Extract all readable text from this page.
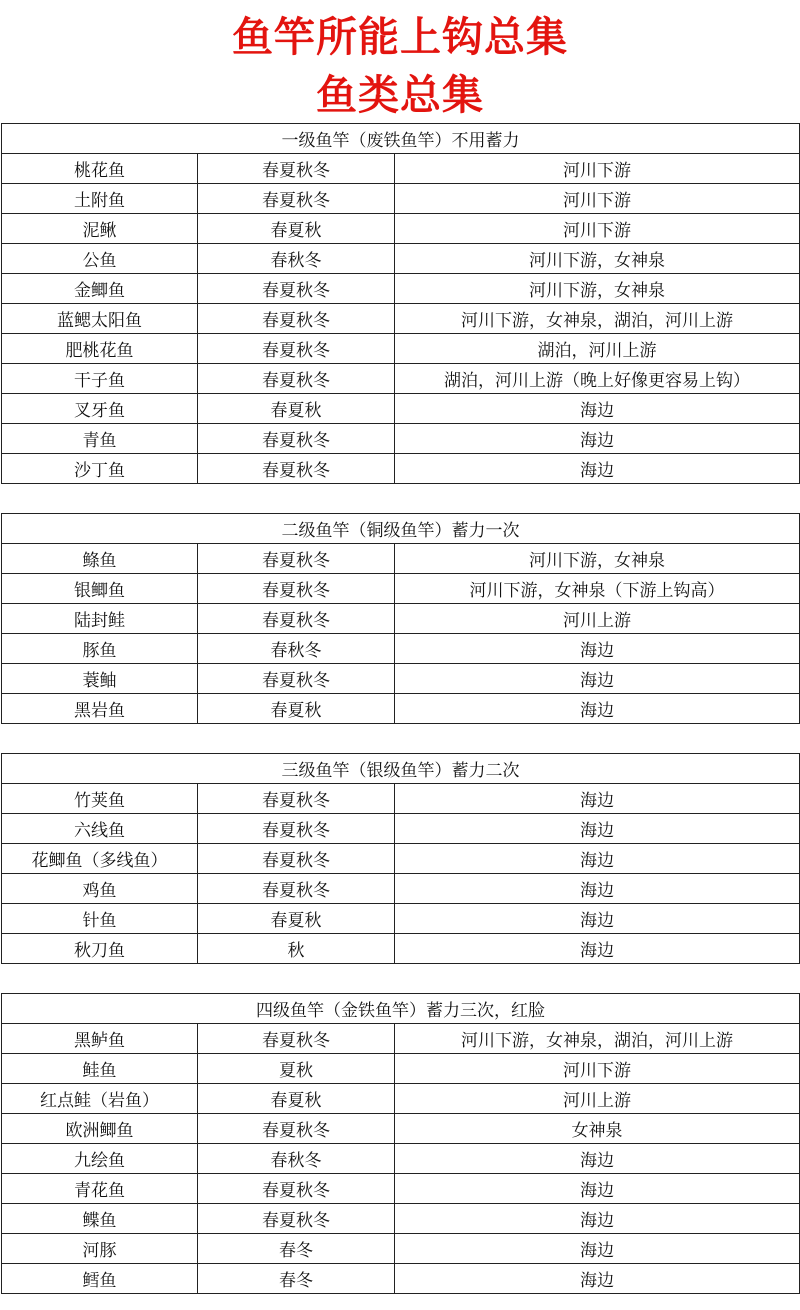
鱼竿所能上钩总集
鱼类总集
一级鱼竿（废铁鱼竿）不用蓄力		
桃花鱼	春夏秋冬	河川下游
土附鱼	春夏秋冬	河川下游
泥鳅	春夏秋	河川下游
公鱼	春秋冬	河川下游，女神泉
金鲫鱼	春夏秋冬	河川下游，女神泉
蓝鳃太阳鱼	春夏秋冬	河川下游，女神泉，湖泊，河川上游
肥桃花鱼	春夏秋冬	湖泊，河川上游
干子鱼	春夏秋冬	湖泊，河川上游（晚上好像更容易上钩）
叉牙鱼	春夏秋	海边
青鱼	春夏秋冬	海边
沙丁鱼	春夏秋冬	海边
二级鱼竿（铜级鱼竿）蓄力一次		
鲦鱼	春夏秋冬	河川下游，女神泉
银鲫鱼	春夏秋冬	河川下游，女神泉（下游上钩高）
陆封鲑	春夏秋冬	河川上游
豚鱼	春秋冬	海边
蓑鲉	春夏秋冬	海边
黑岩鱼	春夏秋	海边
三级鱼竿（银级鱼竿）蓄力二次		
竹荚鱼	春夏秋冬	海边
六线鱼	春夏秋冬	海边
花鲫鱼（多线鱼）	春夏秋冬	海边
鸡鱼	春夏秋冬	海边
针鱼	春夏秋	海边
秋刀鱼	秋	海边
四级鱼竿（金铁鱼竿）蓄力三次，红脸		
黑鲈鱼	春夏秋冬	河川下游，女神泉，湖泊，河川上游
鲑鱼	夏秋	河川下游
红点鲑（岩鱼）	春夏秋	河川上游
欧洲鲫鱼	春夏秋冬	女神泉
九绘鱼	春秋冬	海边
青花鱼	春夏秋冬	海边
鲽鱼	春夏秋冬	海边
河豚	春冬	海边
鳕鱼	春冬	海边
